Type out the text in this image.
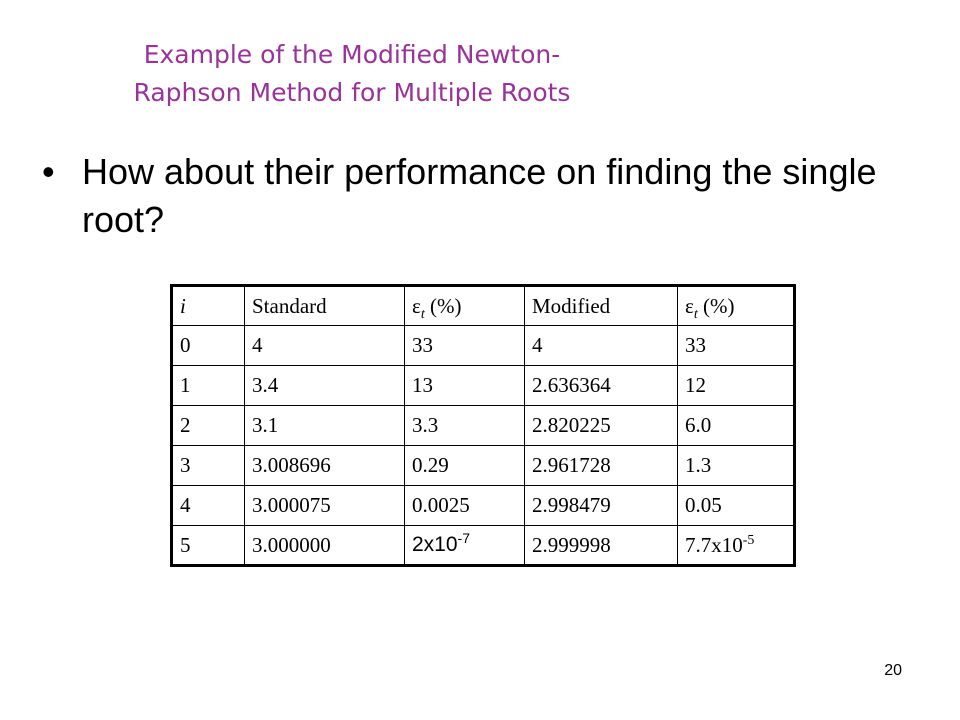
Example of the Modified Newton-
Raphson Method for Multiple Roots
• How about their performance on finding the single root?
i	Standard	$\varepsilon_t$ (%)	Modified	$\varepsilon_t$ (%)
0	4	33	4	33
1	3.4	13	2.636364	12
2	3.1	3.3	2.820225	6.0
3	3.008696	0.29	2.961728	1.3
4	3.000075	0.0025	2.998479	0.05
5	3.000000	$2x10^{-7}$	2.999998	$7.7x10^{-5}$
20
